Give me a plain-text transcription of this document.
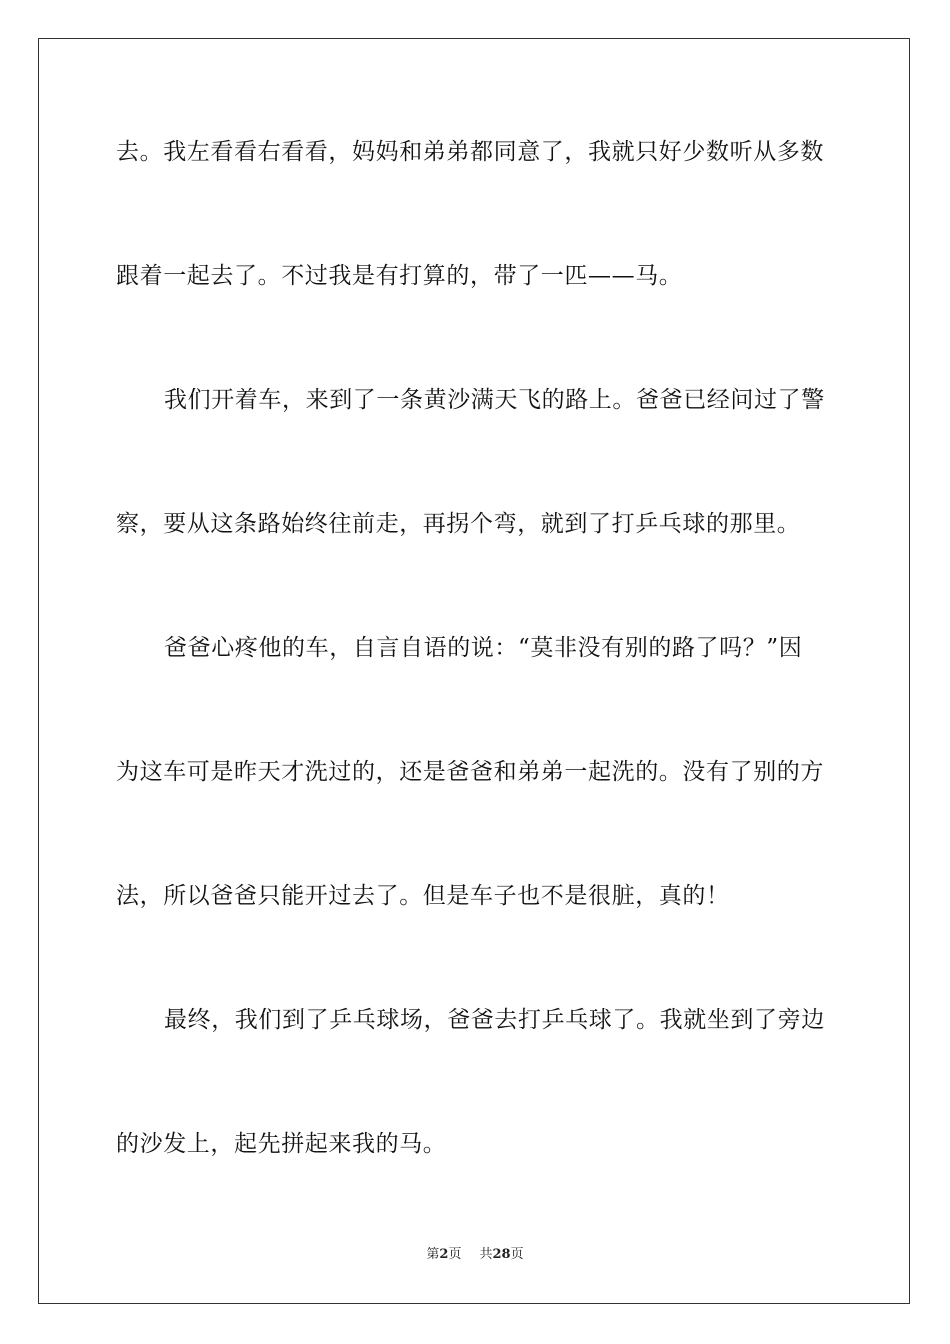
去。我左看看右看看，妈妈和弟弟都同意了，我就只好少数听从多数
跟着一起去了。不过我是有打算的，带了一匹——马。
我们开着车，来到了一条黄沙满天飞的路上。爸爸已经问过了警
察，要从这条路始终往前走，再拐个弯，就到了打乒乓球的那里。
爸爸心疼他的车，自言自语的说：“莫非没有别的路了吗？”因
为这车可是昨天才洗过的，还是爸爸和弟弟一起洗的。没有了别的方
法，所以爸爸只能开过去了。但是车子也不是很脏，真的！
最终，我们到了乒乓球场，爸爸去打乒乓球了。我就坐到了旁边
的沙发上，起先拼起来我的马。
第2页 共28页
